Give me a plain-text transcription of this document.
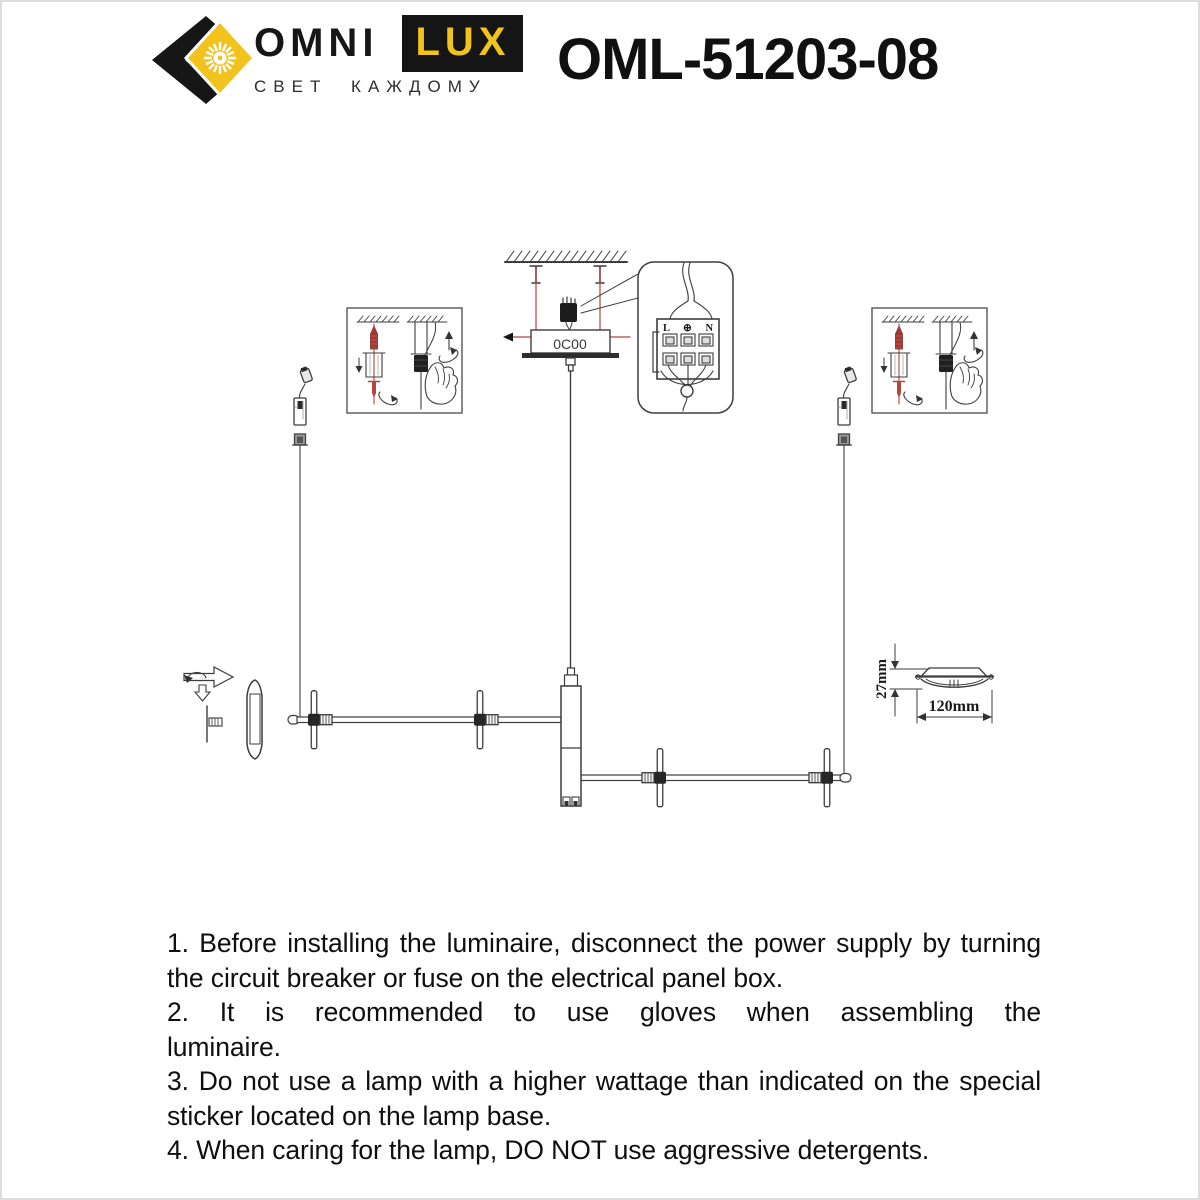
OMNI LUX
СВЕТ КАЖДОМУ	OML-51203-08
0C00
L ⊕ N
27mm
120mm

1. Before installing the luminaire, disconnect the power supply by turning the circuit breaker or fuse on the electrical panel box.

2. It is recommended to use gloves when assembling the luminaire.

3. Do not use a lamp with a higher wattage than indicated on the special sticker located on the lamp base.

4. When caring for the lamp, DO NOT use aggressive detergents.
